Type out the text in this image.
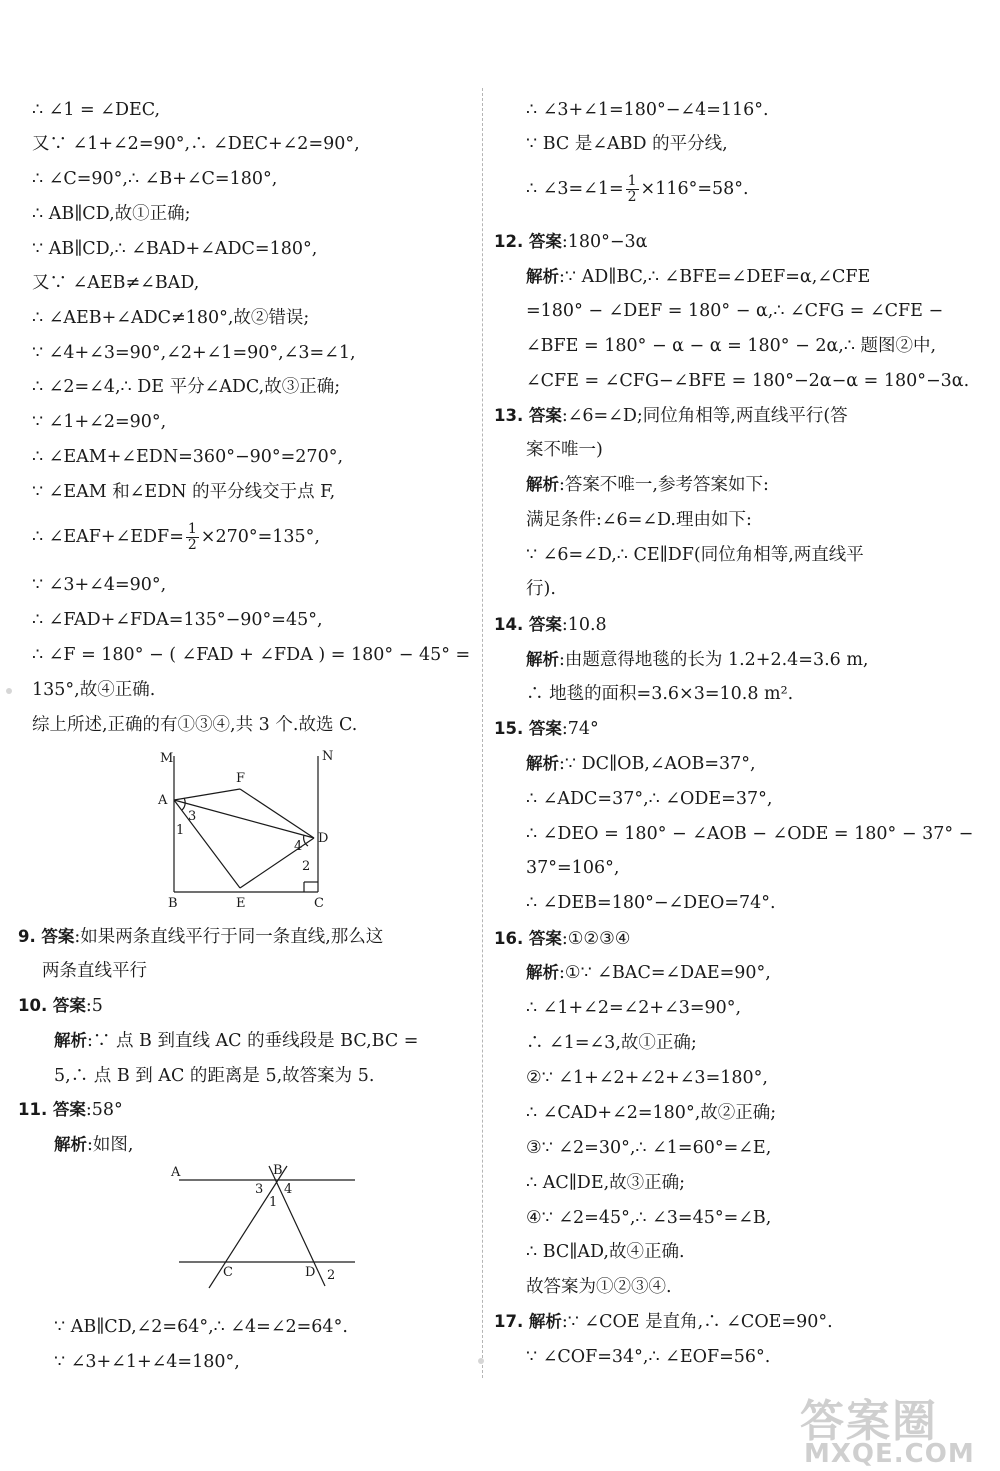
∴ ∠1 = ∠DEC,
又∵ ∠1+∠2=90°,∴ ∠DEC+∠2=90°,
∴ ∠C=90°,∴ ∠B+∠C=180°,
∴ AB∥CD,故①正确;
∵ AB∥CD,∴ ∠BAD+∠ADC=180°,
又∵ ∠AEB≠∠BAD,
∴ ∠AEB+∠ADC≠180°,故②错误;
∵ ∠4+∠3=90°,∠2+∠1=90°,∠3=∠1,
∴ ∠2=∠4,∴ DE 平分∠ADC,故③正确;
∵ ∠1+∠2=90°,
∴ ∠EAM+∠EDN=360°−90°=270°,
∵ ∠EAM 和∠EDN 的平分线交于点 F,
∴ ∠EAF+∠EDF= $\frac{1}{2} \times 270^\circ=135^\circ$,
∵ ∠3+∠4=90°,
∴ ∠FAD+∠FDA=135°−90°=45°,
∴ ∠F = 180° − ( ∠FAD + ∠FDA ) = 180° − 45° =
135°,故④正确.
综上所述,正确的有①③④,共 3 个.故选 C.
M	N
F
A
3
1
4
D
2
B	E	C
9. 答案:如果两条直线平行于同一条直线,那么这
两条直线平行
10. 答案:5
解析:∵ 点 B 到直线 AC 的垂线段是 BC,BC =
5,∴ 点 B 到 AC 的距离是 5,故答案为 5.
11. 答案:58°
解析:如图,
A	B
3 4
1
C	D 2
∵ AB∥CD,∠2=64°,∴ ∠4=∠2=64°.
∵ ∠3+∠1+∠4=180°,
∴ ∠3+∠1=180°−∠4=116°.
∵ BC 是∠ABD 的平分线,
∴ ∠3=∠1= $\frac{1}{2} \times 116^\circ=58^\circ$.
12. 答案:180°−3α
解析:∵ AD∥BC,∴ ∠BFE=∠DEF=α,∠CFE
=180° − ∠DEF = 180° − α,∴ ∠CFG = ∠CFE −
∠BFE = 180° − α − α = 180° − 2α,∴ 题图②中,
∠CFE = ∠CFG−∠BFE = 180°−2α−α = 180°−3α.
13. 答案:∠6=∠D;同位角相等,两直线平行(答
案不唯一)
解析:答案不唯一,参考答案如下:
满足条件:∠6=∠D.理由如下:
∵ ∠6=∠D,∴ CE∥DF(同位角相等,两直线平
行).
14. 答案:10.8
解析:由题意得地毯的长为 1.2+2.4=3.6 m,
∴ 地毯的面积=3.6×3=10.8 m².
15. 答案:74°
解析:∵ DC∥OB,∠AOB=37°,
∴ ∠ADC=37°,∴ ∠ODE=37°,
∴ ∠DEO = 180° − ∠AOB − ∠ODE = 180° − 37° −
37°=106°,
∴ ∠DEB=180°−∠DEO=74°.
16. 答案:①②③④
解析:①∵ ∠BAC=∠DAE=90°,
∴ ∠1+∠2=∠2+∠3=90°,
∴ ∠1=∠3,故①正确;
②∵ ∠1+∠2+∠2+∠3=180°,
∴ ∠CAD+∠2=180°,故②正确;
③∵ ∠2=30°,∴ ∠1=60°=∠E,
∴ AC∥DE,故③正确;
④∵ ∠2=45°,∴ ∠3=45°=∠B,
∴ BC∥AD,故④正确.
故答案为①②③④.
17. 解析:∵ ∠COE 是直角,∴ ∠COE=90°.
∵ ∠COF=34°,∴ ∠EOF=56°.
答案圈
MXQE.COM
